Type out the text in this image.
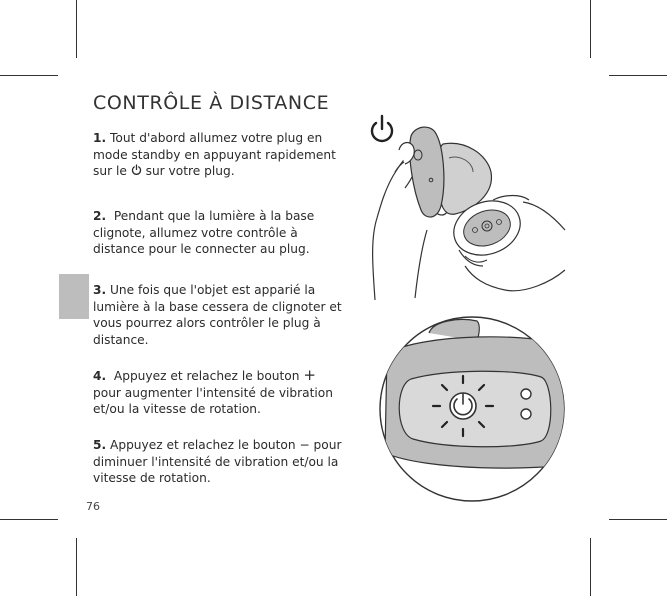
CONTRÔLE À DISTANCE
1. Tout d'abord allumez votre plug en mode standby en appuyant rapidement sur le  sur votre plug.
2.  Pendant que la lumière à la base clignote, allumez votre contrôle à distance pour le connecter au plug.
3. Une fois que l'objet est apparié la lumière à la base cessera de clignoter et vous pourrez alors contrôler le plug à distance.
4.  Appuyez et relachez le bouton + pour augmenter l'intensité de vibration et/ou la vitesse de rotation.
5. Appuyez et relachez le bouton − pour diminuer l'intensité de vibration et/ou la vitesse de rotation.
76
